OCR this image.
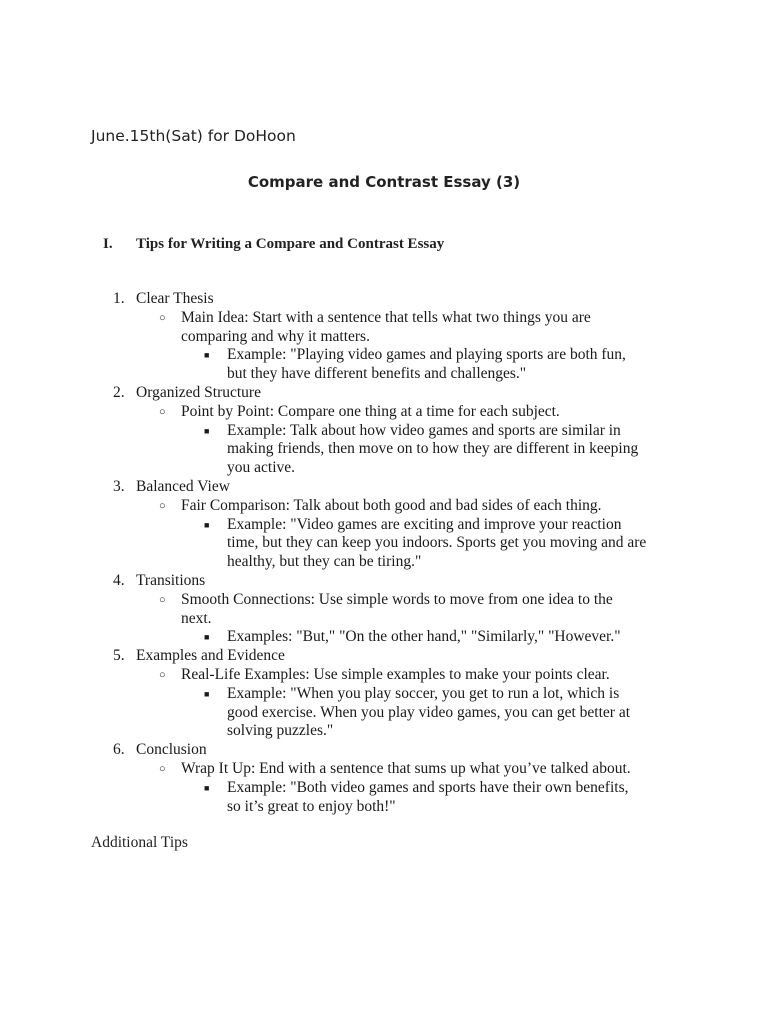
June.15th(Sat) for DoHoon
Compare and Contrast Essay (3)
I. Tips for Writing a Compare and Contrast Essay
1. Clear Thesis
○ Main Idea: Start with a sentence that tells what two things you are
comparing and why it matters.
■ Example: "Playing video games and playing sports are both fun,
but they have different benefits and challenges."
2. Organized Structure
○ Point by Point: Compare one thing at a time for each subject.
■ Example: Talk about how video games and sports are similar in
making friends, then move on to how they are different in keeping
you active.
3. Balanced View
○ Fair Comparison: Talk about both good and bad sides of each thing.
■ Example: "Video games are exciting and improve your reaction
time, but they can keep you indoors. Sports get you moving and are
healthy, but they can be tiring."
4. Transitions
○ Smooth Connections: Use simple words to move from one idea to the
next.
■ Examples: "But," "On the other hand," "Similarly," "However."
5. Examples and Evidence
○ Real-Life Examples: Use simple examples to make your points clear.
■ Example: "When you play soccer, you get to run a lot, which is
good exercise. When you play video games, you can get better at
solving puzzles."
6. Conclusion
○ Wrap It Up: End with a sentence that sums up what you’ve talked about.
■ Example: "Both video games and sports have their own benefits,
so it’s great to enjoy both!"
Additional Tips
